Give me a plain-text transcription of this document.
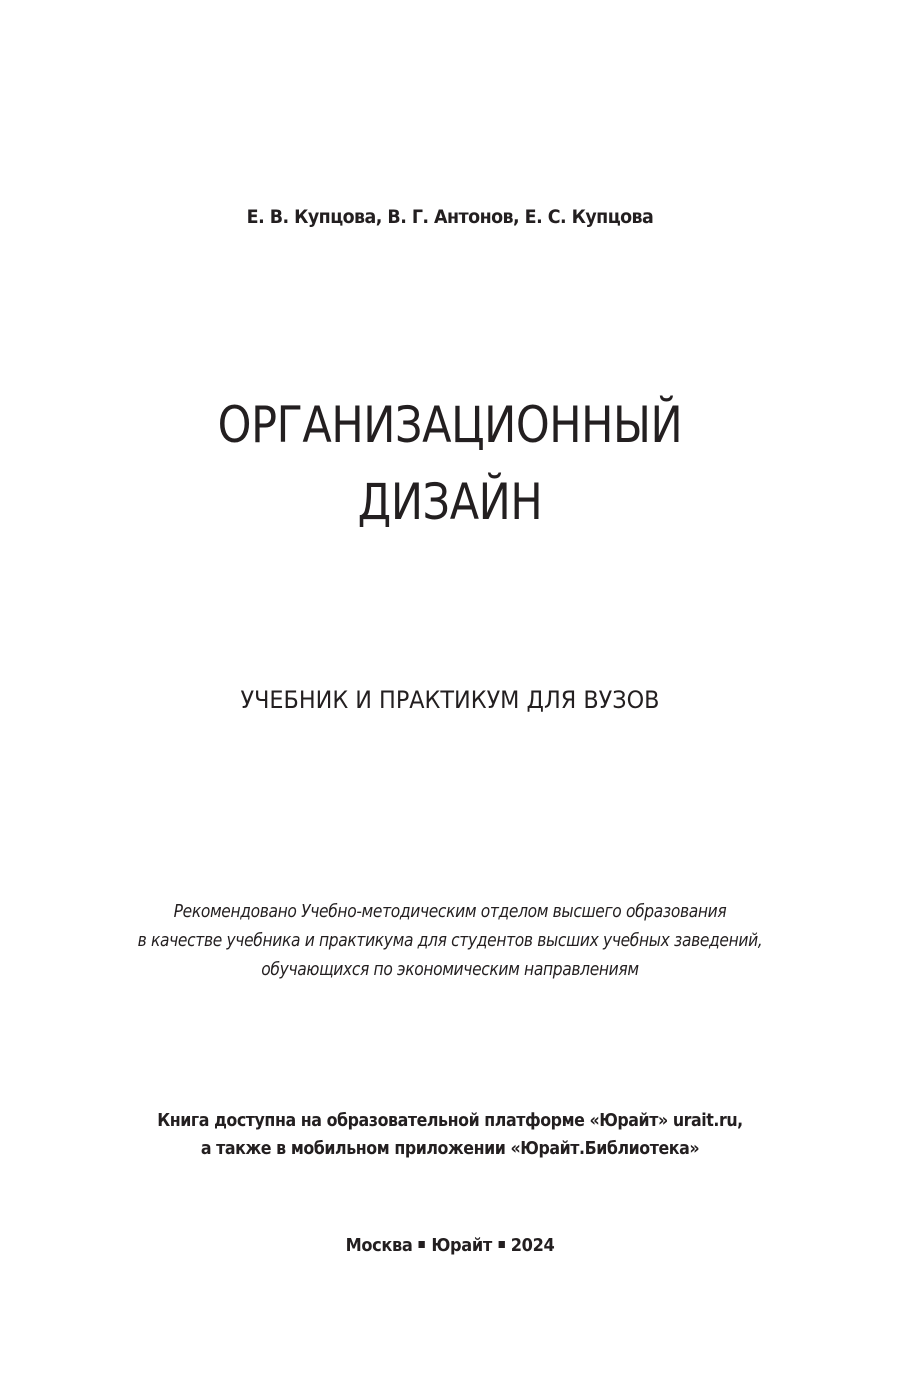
Е. В. Купцова, В. Г. Антонов, Е. С. Купцова
ОРГАНИЗАЦИОННЫЙ
ДИЗАЙН
УЧЕБНИК И ПРАКТИКУМ ДЛЯ ВУЗОВ
Рекомендовано Учебно-методическим отделом высшего образования
в качестве учебника и практикума для студентов высших учебных заведений,
обучающихся по экономическим направлениям
Книга доступна на образовательной платформе «Юрайт» urait.ru,
а также в мобильном приложении «Юрайт.Библиотека»
Москва Юрайт 2024
